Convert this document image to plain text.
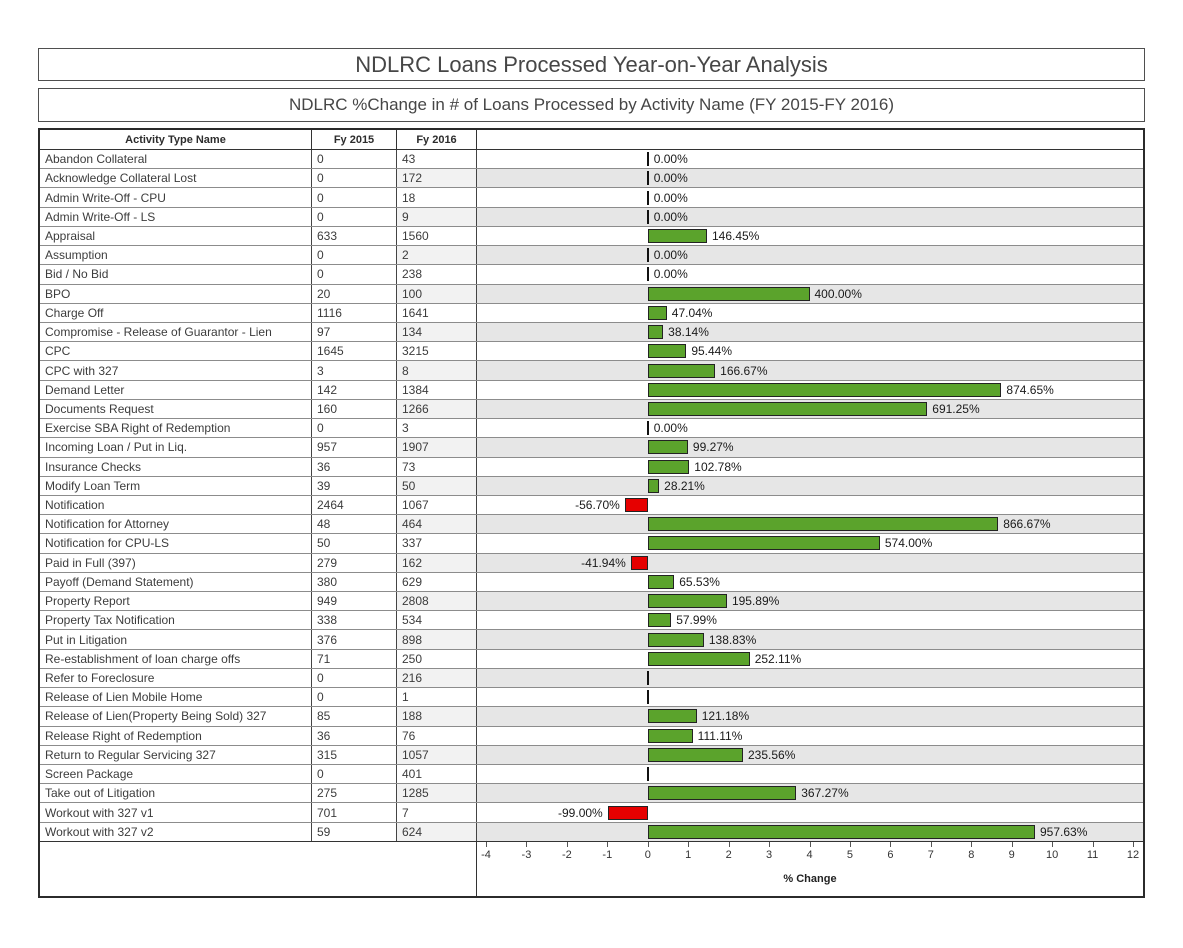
NDLRC Loans Processed Year-on-Year Analysis
NDLRC %Change in # of Loans Processed by Activity Name (FY 2015-FY 2016)
Activity Type Name	Fy 2015	Fy 2016
Abandon Collateral	0	43	0.00%
Acknowledge Collateral Lost	0	172	0.00%
Admin Write-Off - CPU	0	18	0.00%
Admin Write-Off - LS	0	9	0.00%
Appraisal	633	1560	146.45%
Assumption	0	2	0.00%
Bid / No Bid	0	238	0.00%
BPO	20	100	400.00%
Charge Off	1116	1641	47.04%
Compromise - Release of Guarantor - Lien	97	134	38.14%
CPC	1645	3215	95.44%
CPC with 327	3	8	166.67%
Demand Letter	142	1384	874.65%
Documents Request	160	1266	691.25%
Exercise SBA Right of Redemption	0	3	0.00%
Incoming Loan / Put in Liq.	957	1907	99.27%
Insurance Checks	36	73	102.78%
Modify Loan Term	39	50	28.21%
Notification	2464	1067	-56.70%
Notification for Attorney	48	464	866.67%
Notification for CPU-LS	50	337	574.00%
Paid in Full (397)	279	162	-41.94%
Payoff (Demand Statement)	380	629	65.53%
Property Report	949	2808	195.89%
Property Tax Notification	338	534	57.99%
Put in Litigation	376	898	138.83%
Re-establishment of loan charge offs	71	250	252.11%
Refer to Foreclosure	0	216
Release of Lien Mobile Home	0	1
Release of Lien(Property Being Sold) 327	85	188	121.18%
Release Right of Redemption	36	76	111.11%
Return to Regular Servicing 327	315	1057	235.56%
Screen Package	0	401
Take out of Litigation	275	1285	367.27%
Workout with 327 v1	701	7	-99.00%
Workout with 327 v2	59	624	957.63%
% Change
-4	-3	-2	-1	0	1	2	3	4	5	6	7	8	9	10	11	12
